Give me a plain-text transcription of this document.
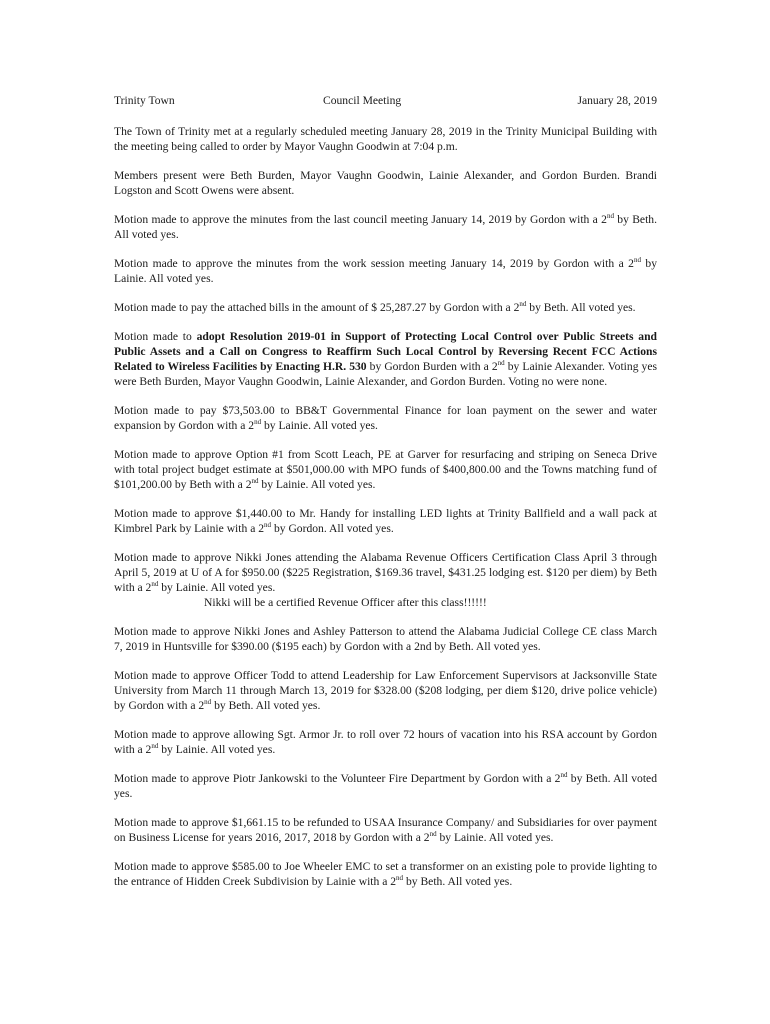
Trinity Town	Council Meeting	January 28, 2019

The Town of Trinity met at a regularly scheduled meeting January 28, 2019 in the Trinity Municipal Building with the meeting being called to order by Mayor Vaughn Goodwin at 7:04 p.m.

Members present were Beth Burden, Mayor Vaughn Goodwin, Lainie Alexander, and Gordon Burden. Brandi Logston and Scott Owens were absent.

Motion made to approve the minutes from the last council meeting January 14, 2019 by Gordon with a 2nd by Beth. All voted yes.

Motion made to approve the minutes from the work session meeting January 14, 2019 by Gordon with a 2nd by Lainie. All voted yes.

Motion made to pay the attached bills in the amount of $ 25,287.27 by Gordon with a 2nd by Beth. All voted yes.

Motion made to adopt Resolution 2019-01 in Support of Protecting Local Control over Public Streets and Public Assets and a Call on Congress to Reaffirm Such Local Control by Reversing Recent FCC Actions Related to Wireless Facilities by Enacting H.R. 530 by Gordon Burden with a 2nd by Lainie Alexander. Voting yes were Beth Burden, Mayor Vaughn Goodwin, Lainie Alexander, and Gordon Burden. Voting no were none.

Motion made to pay $73,503.00 to BB&T Governmental Finance for loan payment on the sewer and water expansion by Gordon with a 2nd by Lainie. All voted yes.

Motion made to approve Option #1 from Scott Leach, PE at Garver for resurfacing and striping on Seneca Drive with total project budget estimate at $501,000.00 with MPO funds of $400,800.00 and the Towns matching fund of $101,200.00 by Beth with a 2nd by Lainie. All voted yes.

Motion made to approve $1,440.00 to Mr. Handy for installing LED lights at Trinity Ballfield and a wall pack at Kimbrel Park by Lainie with a 2nd by Gordon. All voted yes.

Motion made to approve Nikki Jones attending the Alabama Revenue Officers Certification Class April 3 through April 5, 2019 at U of A for $950.00 ($225 Registration, $169.36 travel, $431.25 lodging est. $120 per diem) by Beth with a 2nd by Lainie. All voted yes.
Nikki will be a certified Revenue Officer after this class!!!!!!

Motion made to approve Nikki Jones and Ashley Patterson to attend the Alabama Judicial College CE class March 7, 2019 in Huntsville for $390.00 ($195 each) by Gordon with a 2nd by Beth. All voted yes.

Motion made to approve Officer Todd to attend Leadership for Law Enforcement Supervisors at Jacksonville State University from March 11 through March 13, 2019 for $328.00 ($208 lodging, per diem $120, drive police vehicle) by Gordon with a 2nd by Beth. All voted yes.

Motion made to approve allowing Sgt. Armor Jr. to roll over 72 hours of vacation into his RSA account by Gordon with a 2nd by Lainie. All voted yes.

Motion made to approve Piotr Jankowski to the Volunteer Fire Department by Gordon with a 2nd by Beth. All voted yes.

Motion made to approve $1,661.15 to be refunded to USAA Insurance Company/ and Subsidiaries for over payment on Business License for years 2016, 2017, 2018 by Gordon with a 2nd by Lainie. All voted yes.

Motion made to approve $585.00 to Joe Wheeler EMC to set a transformer on an existing pole to provide lighting to the entrance of Hidden Creek Subdivision by Lainie with a 2nd by Beth. All voted yes.
